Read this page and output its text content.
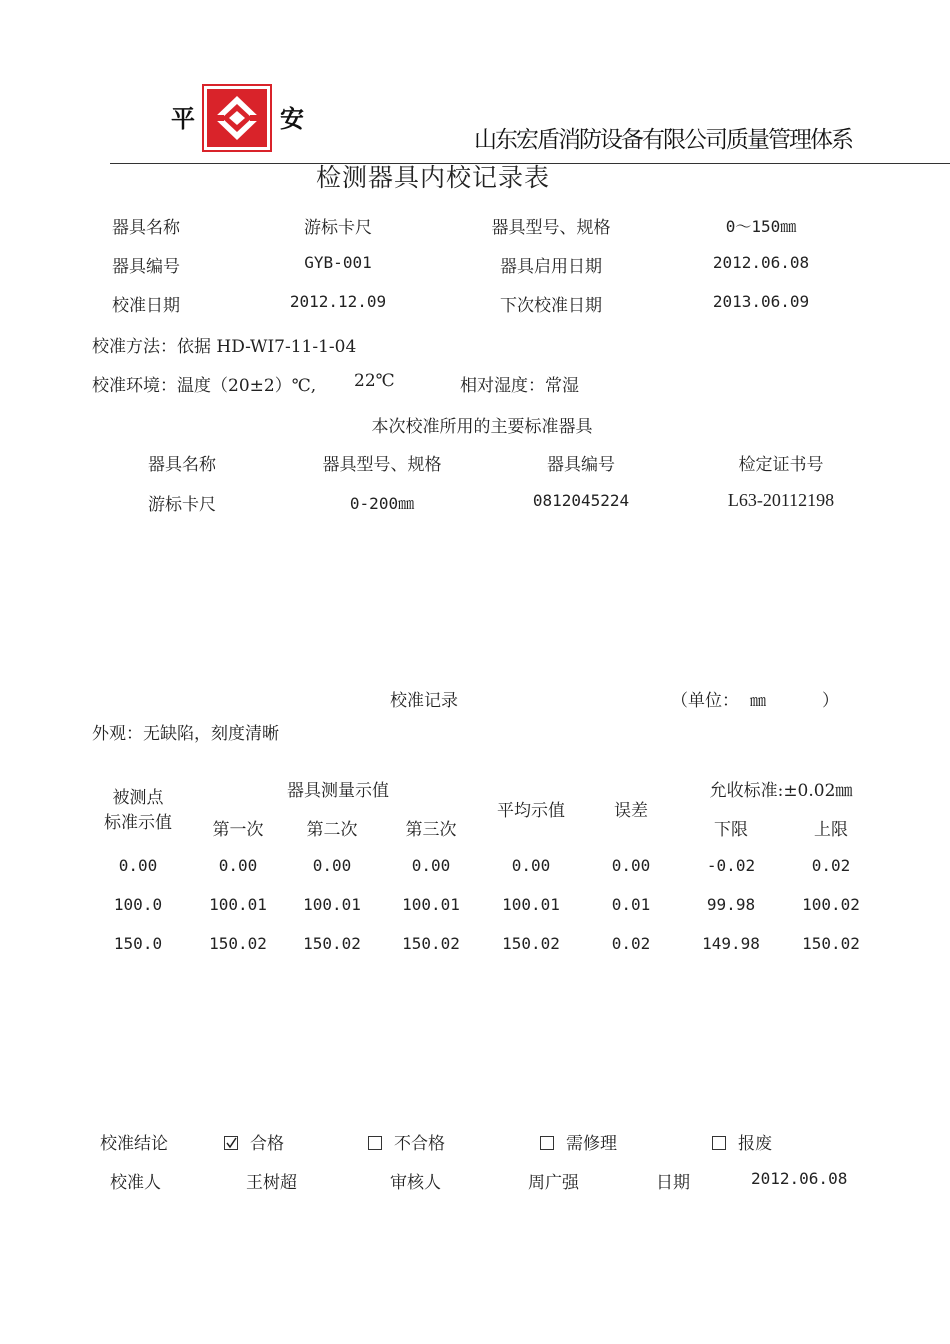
平	安
山东宏盾消防设备有限公司质量管理体系
检测器具内校记录表
器具名称	游标卡尺	器具型号、规格	0～150㎜
器具编号	GYB-001	器具启用日期	2012.06.08
校准日期	2012.12.09	下次校准日期	2013.06.09
校准方法：依据 HD-WI7-11-1-04
校准环境：温度（20±2）℃, 22℃	相对湿度：常湿
本次校准所用的主要标准器具
器具名称	器具型号、规格	器具编号	检定证书号
游标卡尺	0-200㎜	0812045224	L63-20112198
校准记录	（单位： ㎜	）
外观：无缺陷，刻度清晰
被测点
标准示值
器具测量示值
第一次	第二次	第三次
平均示值	误差
允收标准:±0.02㎜
下限	上限
0.00	0.00	0.00	0.00	0.00	0.00	-0.02	0.02
100.0	100.01 100.01	100.01	100.01	0.01	99.98	100.02
150.0	150.02 150.02	150.02	150.02	0.02	149.98	150.02
校准结论	合格	不合格	需修理	报废
校准人	王树超	审核人	周广强	日期	2012.06.08
